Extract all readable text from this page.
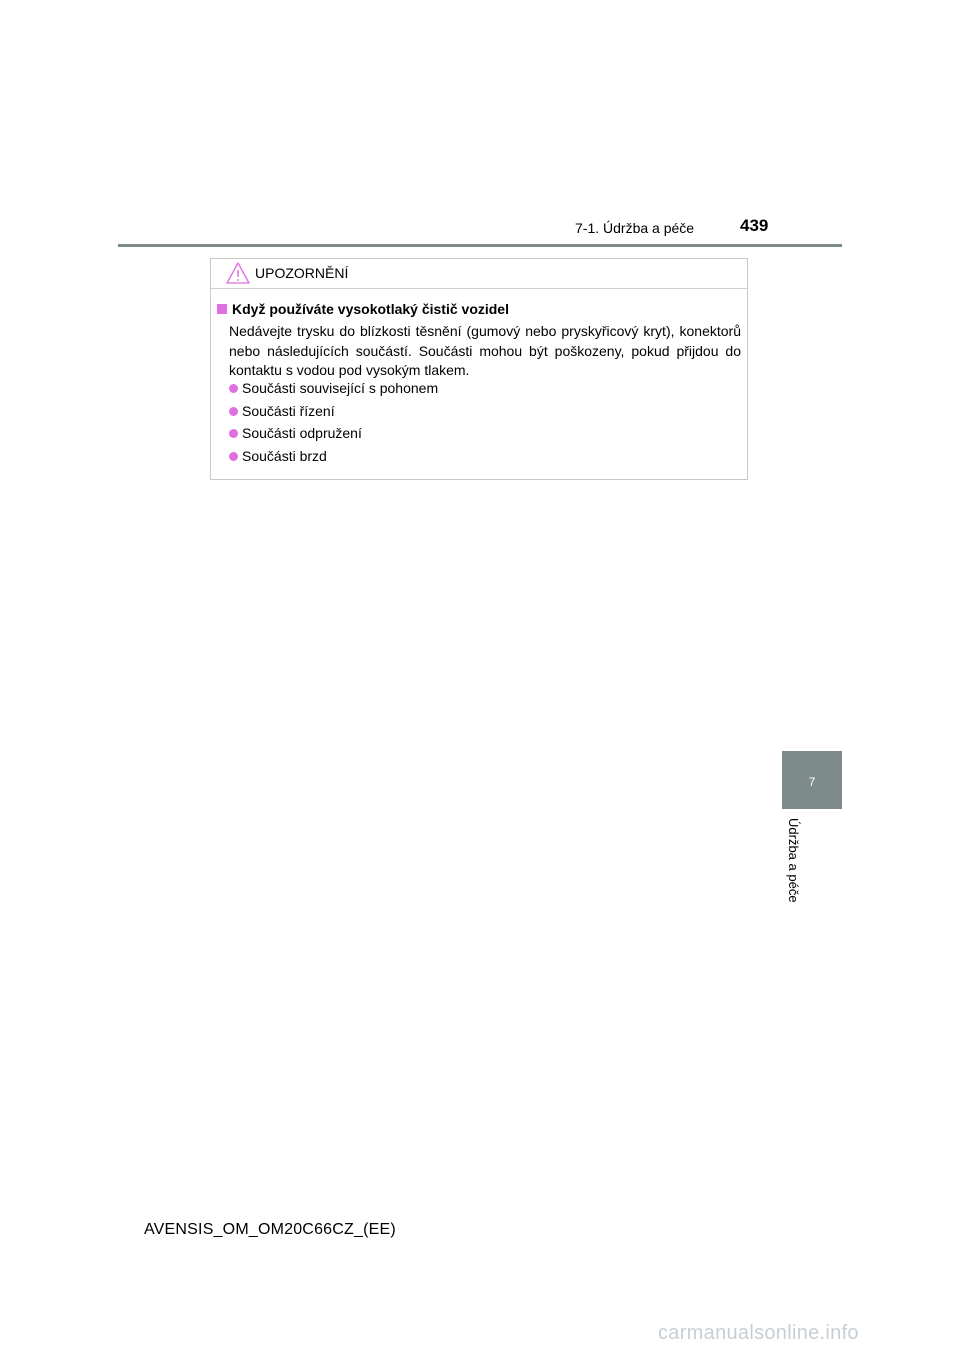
7-1. Údržba a péče	439
UPOZORNĚNÍ
Když používáte vysokotlaký čistič vozidel
Nedávejte trysku do blízkosti těsnění (gumový nebo pryskyřicový kryt), konektorů nebo následujících součástí. Součásti mohou být poškozeny, pokud přijdou do kontaktu s vodou pod vysokým tlakem.
Součásti související s pohonem
Součásti řízení
Součásti odpružení
Součásti brzd
7
Údržba a péče
AVENSIS_OM_OM20C66CZ_(EE)
carmanualsonline.info
